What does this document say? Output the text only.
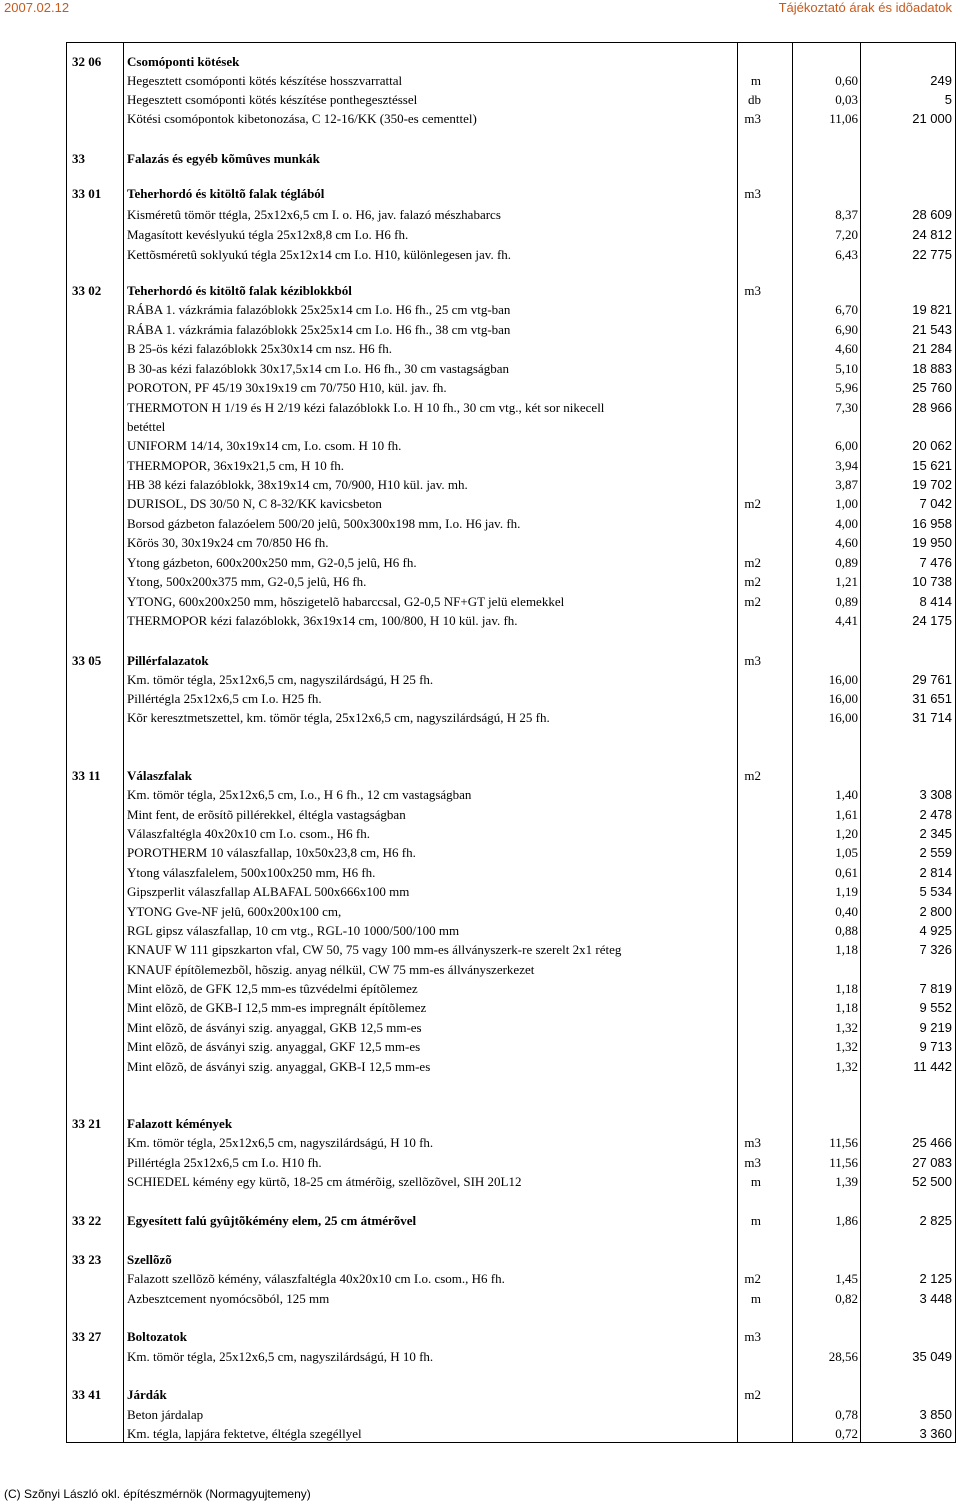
2007.02.12	Tájékoztató árak és idõadatok
32 06 Csomóponti kötések
Hegesztett csomóponti kötés készítése hosszvarrattal	m	0,60	249
Hegesztett csomóponti kötés készítése ponthegesztéssel	db	0,03	5
Kötési csomópontok kibetonozása, C 12-16/KK (350-es cementtel)	m3	11,06	21 000
33	Falazás és egyéb kõmûves munkák
33 01 Teherhordó és kitöltõ falak téglából	m3
Kisméretû tömör ttégla, 25x12x6,5 cm I. o. H6, jav. falazó mészhabarcs	8,37	28 609
Magasított kevéslyukú tégla 25x12x8,8 cm I.o. H6 fh.	7,20	24 812
Kettõsméretû soklyukú tégla 25x12x14 cm I.o. H10, különlegesen jav. fh.	6,43	22 775
33 02 Teherhordó és kitöltõ falak kéziblokkból	m3
RÁBA 1. vázkrámia falazóblokk 25x25x14 cm I.o. H6 fh., 25 cm vtg-ban	6,70	19 821
RÁBA 1. vázkrámia falazóblokk 25x25x14 cm I.o. H6 fh., 38 cm vtg-ban	6,90	21 543
B 25-ös kézi falazóblokk 25x30x14 cm nsz. H6 fh.	4,60	21 284
B 30-as kézi falazóblokk 30x17,5x14 cm I.o. H6 fh., 30 cm vastagságban	5,10	18 883
POROTON, PF 45/19 30x19x19 cm 70/750 H10, kül. jav. fh.	5,96	25 760
THERMOTON H 1/19 és H 2/19 kézi falazóblokk I.o. H 10 fh., 30 cm vtg., két sor nikecell	7,30	28 966
betéttel
UNIFORM 14/14, 30x19x14 cm, I.o. csom. H 10 fh.	6,00	20 062
THERMOPOR, 36x19x21,5 cm, H 10 fh.	3,94	15 621
HB 38 kézi falazóblokk, 38x19x14 cm, 70/900, H10 kül. jav. mh.	3,87	19 702
DURISOL, DS 30/50 N, C 8-32/KK kavicsbeton	m2	1,00	7 042
Borsod gázbeton falazóelem 500/20 jelû, 500x300x198 mm, I.o. H6 jav. fh.	4,00	16 958
Kõrös 30, 30x19x24 cm 70/850 H6 fh.	4,60	19 950
Ytong gázbeton, 600x200x250 mm, G2-0,5 jelû, H6 fh.	m2	0,89	7 476
Ytong, 500x200x375 mm, G2-0,5 jelû, H6 fh.	m2	1,21	10 738
YTONG, 600x200x250 mm, hõszigetelõ habarccsal, G2-0,5 NF+GT jelü elemekkel	m2	0,89	8 414
THERMOPOR kézi falazóblokk, 36x19x14 cm, 100/800, H 10 kül. jav. fh.	4,41	24 175
33 05 Pillérfalazatok	m3
Km. tömör tégla, 25x12x6,5 cm, nagyszilárdságú, H 25 fh.	16,00	29 761
Pillértégla 25x12x6,5 cm I.o. H25 fh.	16,00	31 651
Kõr keresztmetszettel, km. tömör tégla, 25x12x6,5 cm, nagyszilárdságú, H 25 fh.	16,00	31 714
33 11 Válaszfalak	m2
Km. tömör tégla, 25x12x6,5 cm, I.o., H 6 fh., 12 cm vastagságban	1,40	3 308
Mint fent, de erõsítõ pillérekkel, éltégla vastagságban	1,61	2 478
Válaszfaltégla 40x20x10 cm I.o. csom., H6 fh.	1,20	2 345
POROTHERM 10 válaszfallap, 10x50x23,8 cm, H6 fh.	1,05	2 559
Ytong válaszfalelem, 500x100x250 mm, H6 fh.	0,61	2 814
Gipszperlit válaszfallap ALBAFAL 500x666x100 mm	1,19	5 534
YTONG Gve-NF jelû, 600x200x100 cm,	0,40	2 800
RGL gipsz válaszfallap, 10 cm vtg., RGL-10 1000/500/100 mm	0,88	4 925
KNAUF W 111 gipszkarton vfal, CW 50, 75 vagy 100 mm-es állványszerk-re szerelt 2x1 réteg	1,18	7 326
KNAUF építõlemezbõl, hõszig. anyag nélkül, CW 75 mm-es állványszerkezet
Mint elõzõ, de GFK 12,5 mm-es tûzvédelmi építõlemez	1,18	7 819
Mint elõzõ, de GKB-I 12,5 mm-es impregnált építõlemez	1,18	9 552
Mint elõzõ, de ásványi szig. anyaggal, GKB 12,5 mm-es	1,32	9 219
Mint elõzõ, de ásványi szig. anyaggal, GKF 12,5 mm-es	1,32	9 713
Mint elõzõ, de ásványi szig. anyaggal, GKB-I 12,5 mm-es	1,32	11 442
33 21 Falazott kémények
Km. tömör tégla, 25x12x6,5 cm, nagyszilárdságú, H 10 fh.	m3	11,56	25 466
Pillértégla 25x12x6,5 cm I.o. H10 fh.	m3	11,56	27 083
SCHIEDEL kémény egy kürtõ, 18-25 cm átmérõig, szellõzõvel, SIH 20L12	m	1,39	52 500
33 22 Egyesített falú gyûjtõkémény elem, 25 cm átmérõvel	m	1,86	2 825
33 23 Szellõzõ
Falazott szellõzõ kémény, válaszfaltégla 40x20x10 cm I.o. csom., H6 fh.	m2	1,45	2 125
Azbesztcement nyomócsõból, 125 mm	m	0,82	3 448
33 27 Boltozatok	m3
Km. tömör tégla, 25x12x6,5 cm, nagyszilárdságú, H 10 fh.	28,56	35 049
33 41 Járdák	m2
Beton járdalap	0,78	3 850
Km. tégla, lapjára fektetve, éltégla szegéllyel	0,72	3 360
(C) Szõnyi László okl. építészmérnök (Normagyujtemeny)
